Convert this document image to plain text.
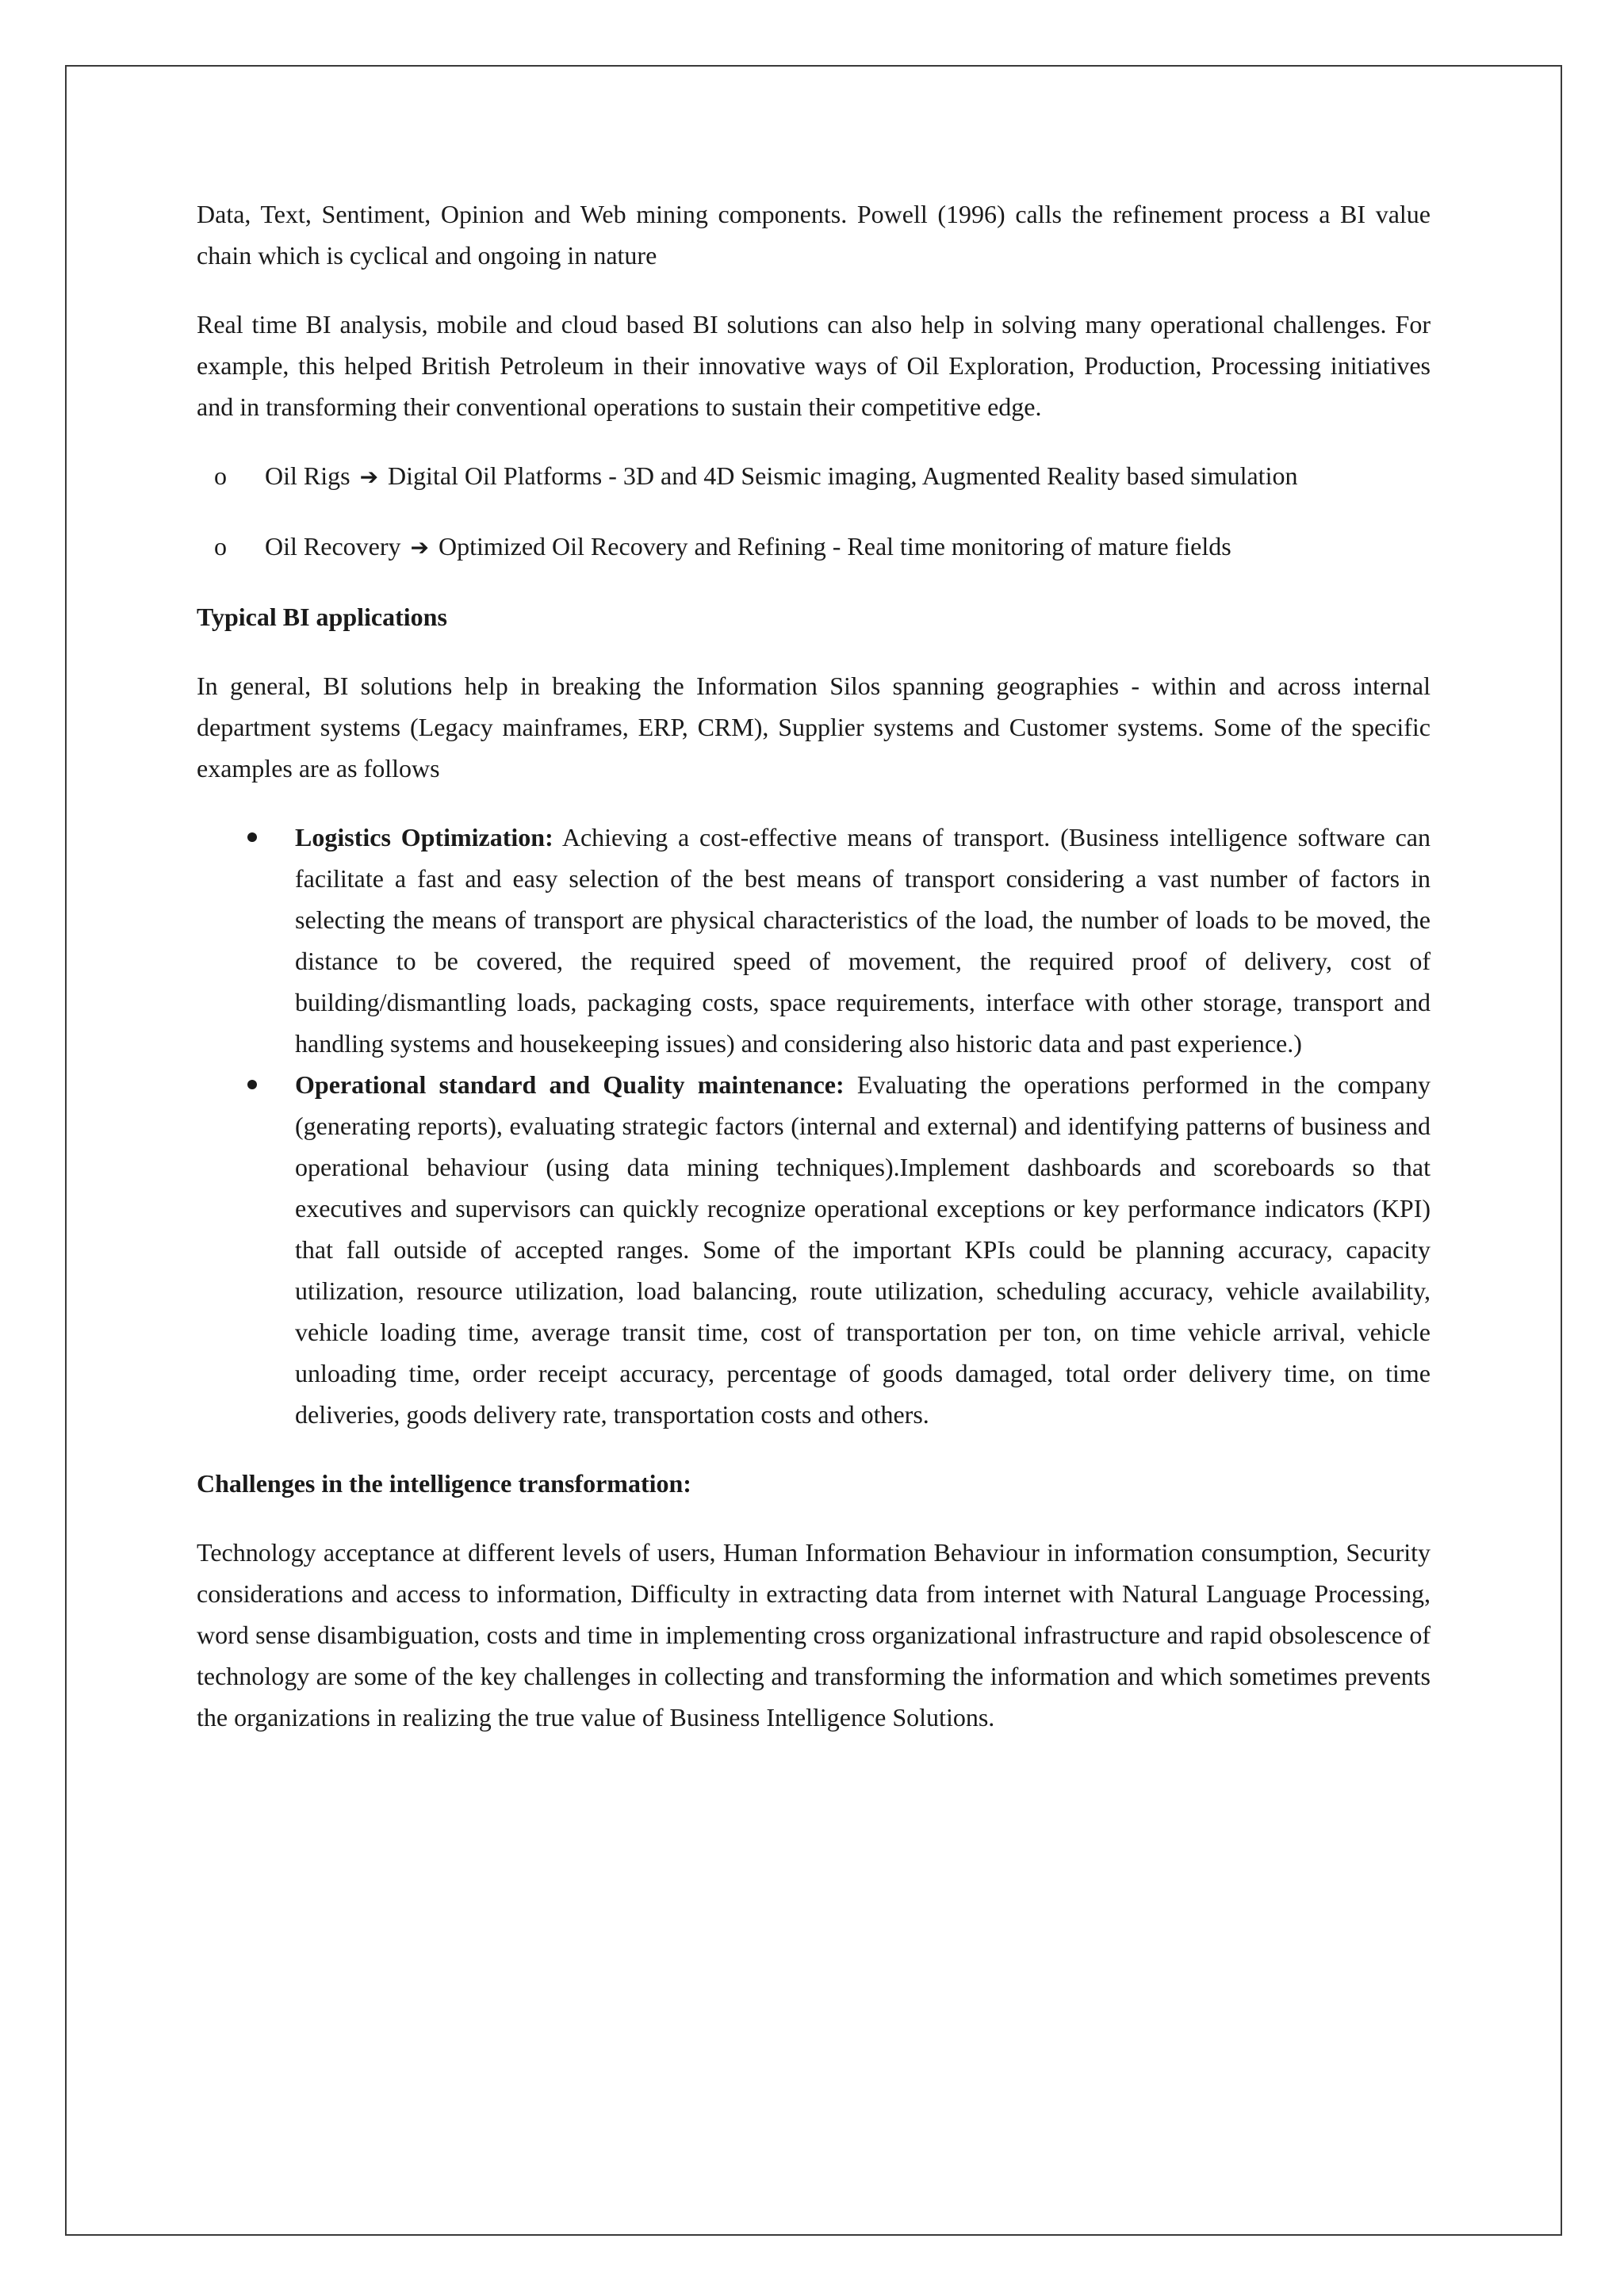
Data, Text, Sentiment, Opinion and Web mining components. Powell (1996) calls the refinement process a BI value chain which is cyclical and ongoing in nature

Real time BI analysis, mobile and cloud based BI solutions can also help in solving many operational challenges. For example, this helped British Petroleum in their innovative ways of Oil Exploration, Production, Processing initiatives and in transforming their conventional operations to sustain their competitive edge.

o Oil Rigs ➔ Digital Oil Platforms - 3D and 4D Seismic imaging, Augmented Reality based simulation
o Oil Recovery ➔ Optimized Oil Recovery and Refining - Real time monitoring of mature fields
Typical BI applications

In general, BI solutions help in breaking the Information Silos spanning geographies - within and across internal department systems (Legacy mainframes, ERP, CRM), Supplier systems and Customer systems. Some of the specific examples are as follows

Logistics Optimization: Achieving a cost-effective means of transport. (Business intelligence software can facilitate a fast and easy selection of the best means of transport considering a vast number of factors in selecting the means of transport are physical characteristics of the load, the number of loads to be moved, the distance to be covered, the required speed of movement, the required proof of delivery, cost of building/dismantling loads, packaging costs, space requirements, interface with other storage, transport and handling systems and housekeeping issues) and considering also historic data and past experience.)
Operational standard and Quality maintenance: Evaluating the operations performed in the company (generating reports), evaluating strategic factors (internal and external) and identifying patterns of business and operational behaviour (using data mining techniques).Implement dashboards and scoreboards so that executives and supervisors can quickly recognize operational exceptions or key performance indicators (KPI) that fall outside of accepted ranges. Some of the important KPIs could be planning accuracy, capacity utilization, resource utilization, load balancing, route utilization, scheduling accuracy, vehicle availability, vehicle loading time, average transit time, cost of transportation per ton, on time vehicle arrival, vehicle unloading time, order receipt accuracy, percentage of goods damaged, total order delivery time, on time deliveries, goods delivery rate, transportation costs and others.
Challenges in the intelligence transformation:

Technology acceptance at different levels of users, Human Information Behaviour in information consumption, Security considerations and access to information, Difficulty in extracting data from internet with Natural Language Processing, word sense disambiguation, costs and time in implementing cross organizational infrastructure and rapid obsolescence of technology are some of the key challenges in collecting and transforming the information and which sometimes prevents the organizations in realizing the true value of Business Intelligence Solutions.
